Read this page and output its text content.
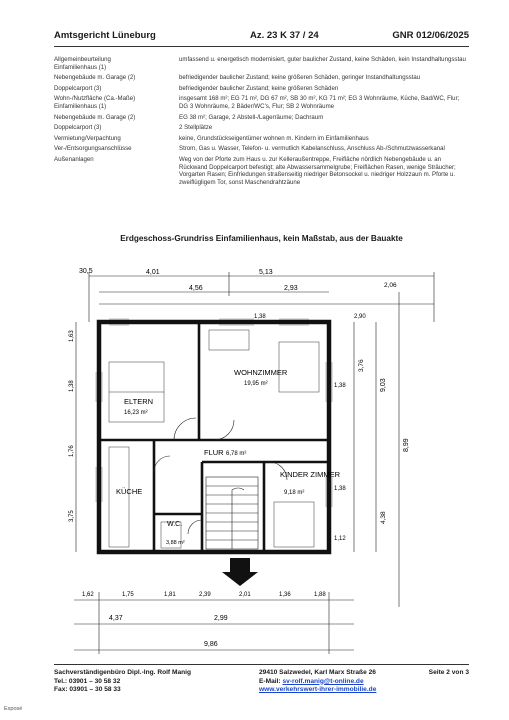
Amtsgericht Lüneburg	Az. 23 K 37 / 24	GNR 012/06/2025
Allgemeinbeurteilung
Einfamilienhaus (1)	umfassend u. energetisch modernisiert, guter baulicher Zustand, keine Schäden, kein Instandhaltungsstau
Nebengebäude m. Garage (2)	befriedigender baulicher Zustand; keine größeren Schäden, geringer Instandhaltungsstau
Doppelcarport (3)	befriedigender baulicher Zustand; keine größeren Schäden
Wohn-/Nutzfläche (Ca.-Maße)
Einfamilienhaus (1)	insgesamt 168 m²; EG 71 m², DG 67 m², SB 30 m², KG 71 m²; EG 3 Wohnräume, Küche, Bad/WC, Flur; DG 3 Wohnräume, 2 Bäder/WC's, Flur; SB 2 Wohnräume
Nebengebäude m. Garage (2)	EG 38 m²; Garage, 2 Abstell-/Lagerräume; Dachraum
Doppelcarport (3)	2 Stellplätze
Vermietung/Verpachtung	keine, Grundstückseigentümer wohnen m. Kindern im Einfamilienhaus
Ver-/Entsorgungsanschlüsse	Strom, Gas u. Wasser, Telefon- u. vermutlich Kabelanschluss, Anschluss Ab-/Schmutzwasserkanal
Außenanlagen	Weg von der Pforte zum Haus u. zur Kelleraußentreppe, Freifläche nördlich Nebengebäude u. an Rückwand Doppelcarport befestigt; alte Abwassersammelgrube; Freiflächen Rasen, wenige Sträucher; Vorgarten Rasen; Einfriedungen straßenseitig niedriger Betonsockel u. niedriger Holzzaun m. Pforte u. zweiflügligem Tor, sonst Maschendrahtzäune
Erdgeschoss-Grundriss Einfamilienhaus, kein Maßstab, aus der Bauakte
30,5	4,01	5,13
4,56	2,93	2,06
1,38	2,90
ELTERN
16,23 m²
WOHNZIMMER
19,95 m²
FLUR 6,78 m²
KINDER ZIMMER
9,18 m²
KÜCHE
W.C.
3,88 m²
3,76
8,99
9,03
1,38
1,38
4,38
1,12
1,63
1,38
1,76
3,75
1,62	1,75	1,81	2,39	2,01	1,36	1,88
4,37	2,99
9,86
Sachverständigenbüro Dipl.-Ing. Rolf Manig
Tel.: 03901 – 30 58 32
Fax: 03901 – 30 58 33
29410 Salzwedel, Karl Marx Straße 26
E-Mail: sv-rolf.manig@t-online.de
www.verkehrswert-ihrer-immobilie.de
Seite 2 von 3
Exposé
